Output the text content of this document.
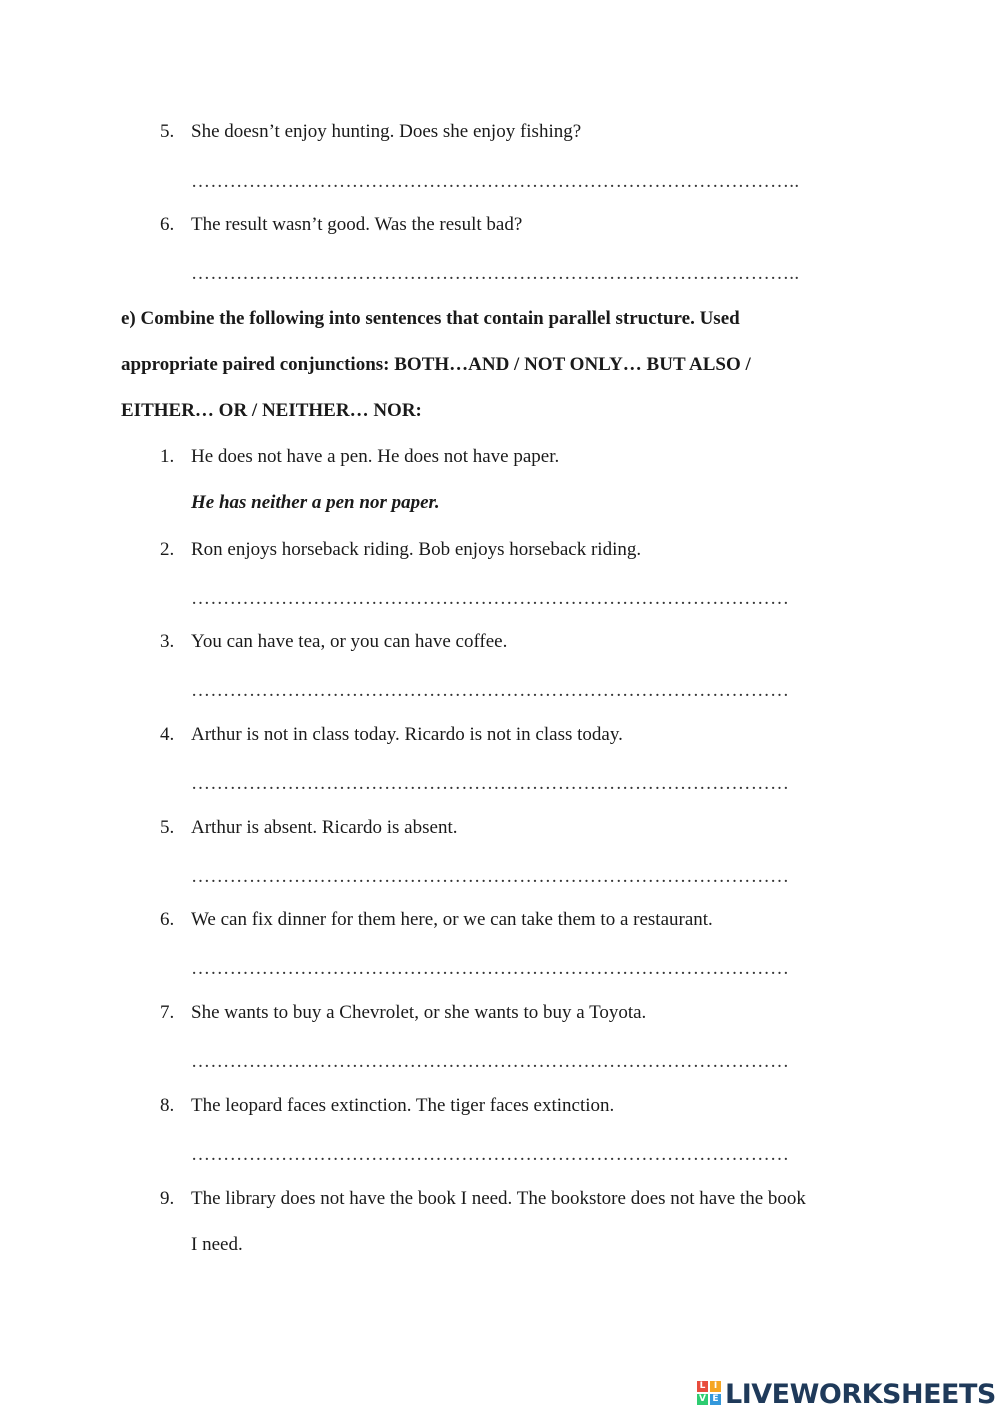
5. She doesn’t enjoy hunting. Does she enjoy fishing?
…………………………………………………………………………………..
6. The result wasn’t good. Was the result bad?
…………………………………………………………………………………..
e) Combine the following into sentences that contain parallel structure. Used
appropriate paired conjunctions: BOTH…AND / NOT ONLY… BUT ALSO /
EITHER… OR / NEITHER… NOR:
1. He does not have a pen. He does not have paper.
He has neither a pen nor paper.
2. Ron enjoys horseback riding. Bob enjoys horseback riding.
…………………………………………………………………………………
3. You can have tea, or you can have coffee.
…………………………………………………………………………………
4. Arthur is not in class today. Ricardo is not in class today.
…………………………………………………………………………………
5. Arthur is absent. Ricardo is absent.
…………………………………………………………………………………
6. We can fix dinner for them here, or we can take them to a restaurant.
…………………………………………………………………………………
7. She wants to buy a Chevrolet, or she wants to buy a Toyota.
…………………………………………………………………………………
8. The leopard faces extinction. The tiger faces extinction.
…………………………………………………………………………………
9. The library does not have the book I need. The bookstore does not have the book
I need.
L I
V E LIVEWORKSHEETS
